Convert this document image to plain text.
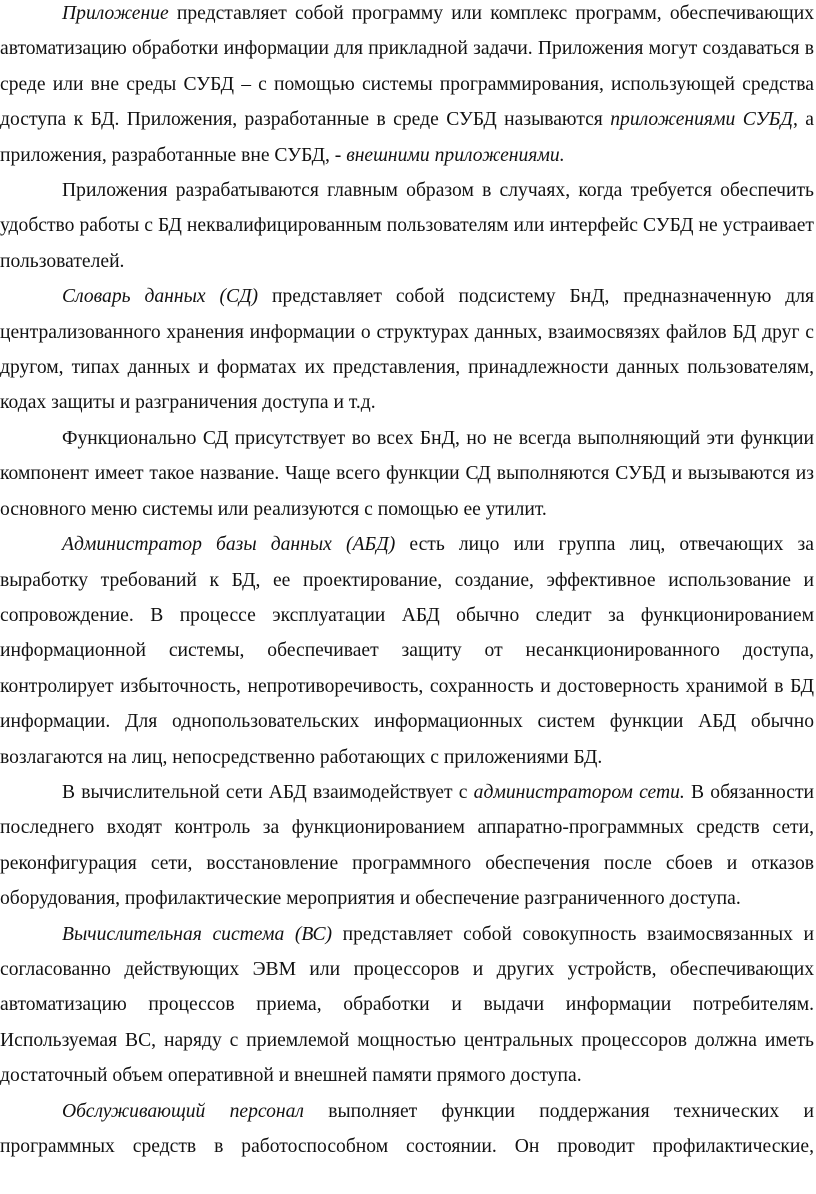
Приложение представляет собой программу или комплекс программ, обеспечивающих автоматизацию обработки информации для прикладной задачи. Приложения могут создаваться в среде или вне среды СУБД – с помощью системы программирования, использующей средства доступа к БД. Приложения, разработанные в среде СУБД называются приложениями СУБД, а приложения, разработанные вне СУБД, - внешними приложениями.

Приложения разрабатываются главным образом в случаях, когда требуется обеспечить удобство работы с БД неквалифицированным пользователям или интерфейс СУБД не устраивает пользователей.

Словарь данных (СД) представляет собой подсистему БнД, предназначенную для централизованного хранения информации о структурах данных, взаимосвязях файлов БД друг с другом, типах данных и форматах их представления, принадлежности данных пользователям, кодах защиты и разграничения доступа и т.д.

Функционально СД присутствует во всех БнД, но не всегда выполняющий эти функции компонент имеет такое название. Чаще всего функции СД выполняются СУБД и вызываются из основного меню системы или реализуются с помощью ее утилит.

Администратор базы данных (АБД) есть лицо или группа лиц, отвечающих за выработку требований к БД, ее проектирование, создание, эффективное использование и сопровождение. В процессе эксплуатации АБД обычно следит за функционированием информационной системы, обеспечивает защиту от несанкционированного доступа, контролирует избыточность, непротиворечивость, сохранность и достоверность хранимой в БД информации. Для однопользовательских информационных систем функции АБД обычно возлагаются на лиц, непосредственно работающих с приложениями БД.

В вычислительной сети АБД взаимодействует с администратором сети. В обязанности последнего входят контроль за функционированием аппаратно-программных средств сети, реконфигурация сети, восстановление программного обеспечения после сбоев и отказов оборудования, профилактические мероприятия и обеспечение разграниченного доступа.

Вычислительная система (ВС) представляет собой совокупность взаимосвязанных и согласованно действующих ЭВМ или процессоров и других устройств, обеспечивающих автоматизацию процессов приема, обработки и выдачи информации потребителям. Используемая ВС, наряду с приемлемой мощностью центральных процессоров должна иметь достаточный объем оперативной и внешней памяти прямого доступа.

Обслуживающий персонал выполняет функции поддержания технических и программных средств в работоспособном состоянии. Он проводит профилактические,
